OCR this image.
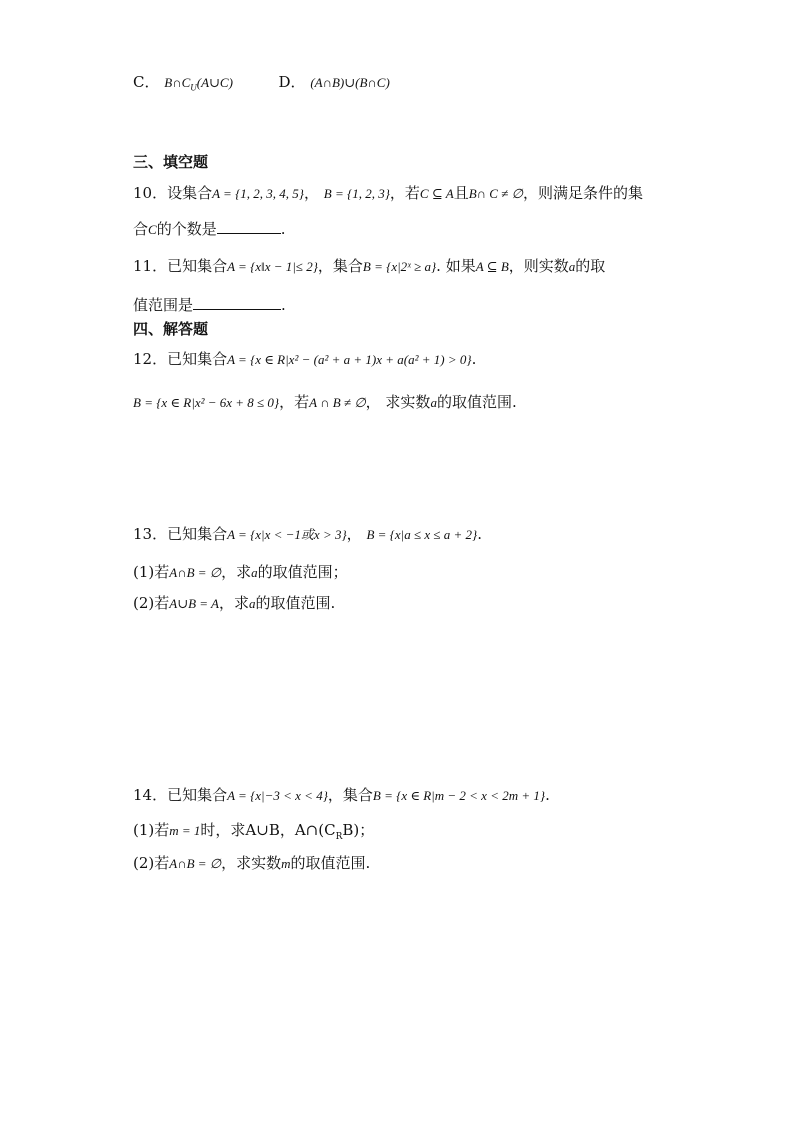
C． $B\cap C_U(A\cup C)$	D． (A∩B)∪(B∩C)
三、填空题
10．设集合A = {1, 2, 3, 4, 5}， B = {1, 2, 3}，若C ⊆ A且B∩ C ≠ ∅，则满足条件的集
合C的个数是	.
11．已知集合A = {x‖x − 1|≤ 2}，集合B = {x|2ˣ ≥ a}. 如果A ⊆ B，则实数a的取
值范围是	.
四、解答题
12．已知集合A = {x ∈ R|x² − (a² + a + 1)x + a(a² + 1) > 0}.
B = {x ∈ R|x² − 6x + 8 ≤ 0}，若A ∩ B ≠ ∅， 求实数a的取值范围.
13．已知集合A = {x|x < −1或x > 3}， B = {x|a ≤ x ≤ a + 2}.
(1)若A∩B = ∅，求a的取值范围；
(2)若A∪B = A，求a的取值范围.
14．已知集合A = {x|−3 < x < 4}，集合B = {x ∈ R|m − 2 < x < 2m + 1}.
(1)若m = 1时，求A∪B，$A\cap(C_RB)$；
(2)若A∩B = ∅，求实数m的取值范围.
